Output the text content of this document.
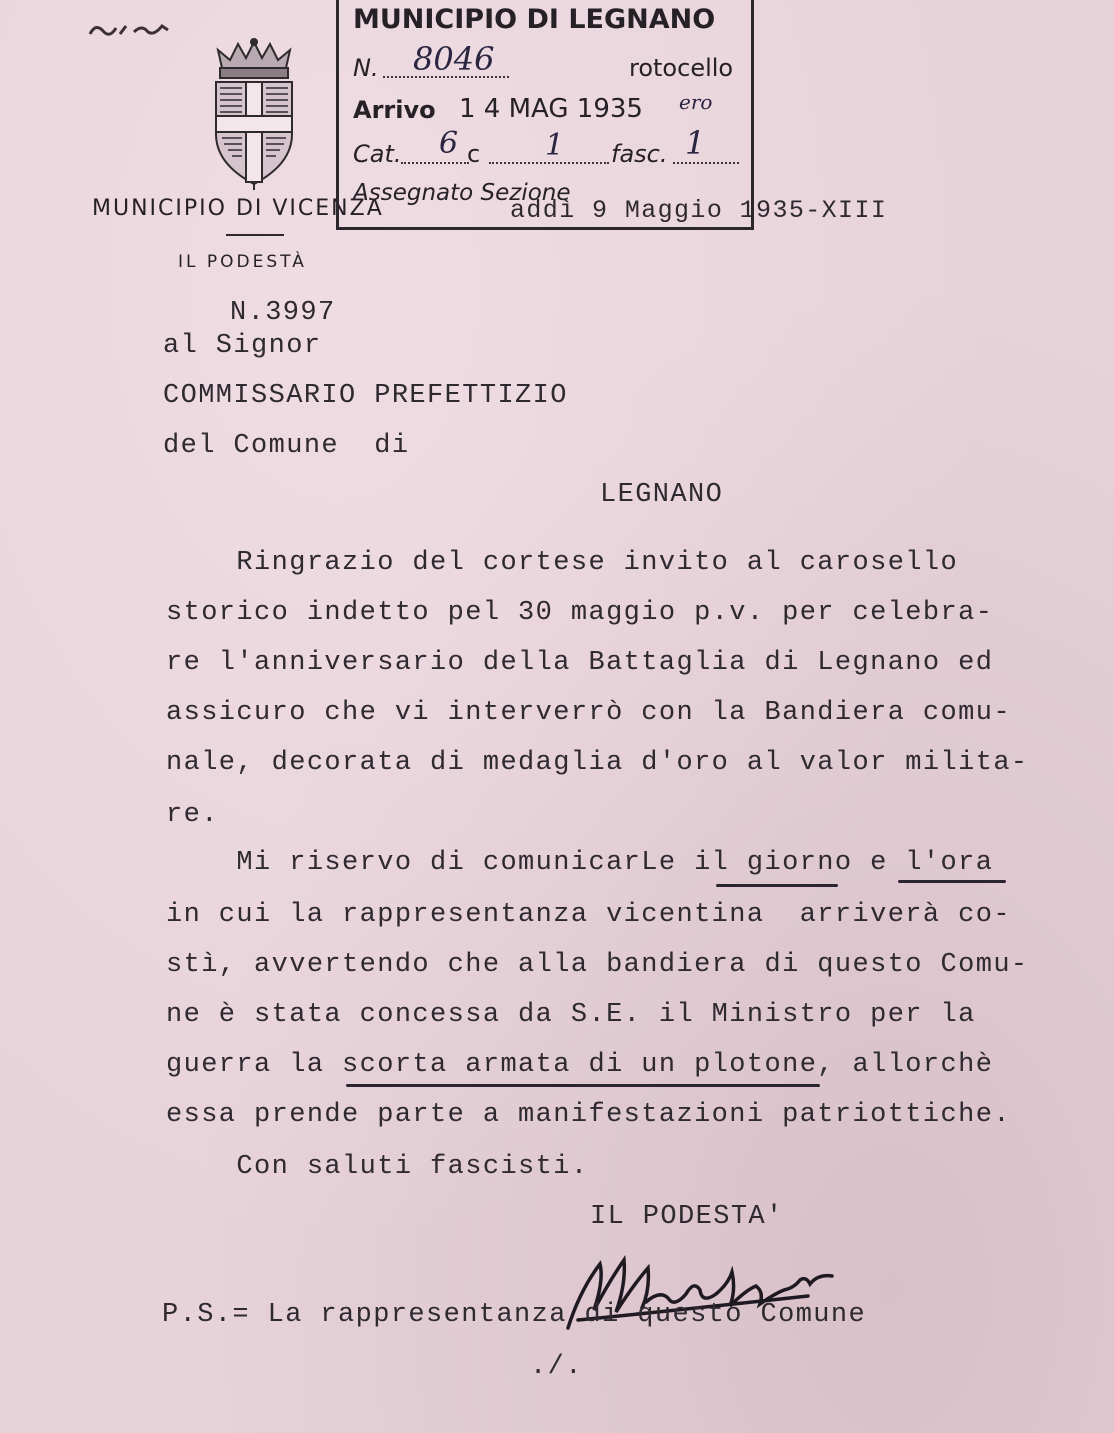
MUNICIPIO DI VICENZA
IL PODESTÀ
MUNICIPIO DI LEGNANO
N. 8046	rotocello
Arrivo 1 4 MAG 1935 ero
Cat. 6 c 1 fasc. 1
Assegnato Sezione
addì 9 Maggio 1935-XIII
N.3997
al Signor
COMMISSARIO PREFETTIZIO
del Comune  di
LEGNANO
Ringrazio del cortese invito al carosello
storico indetto pel 30 maggio p.v. per celebra-
re l'anniversario della Battaglia di Legnano ed
assicuro che vi interverrò con la Bandiera comu-
nale, decorata di medaglia d'oro al valor milita-
re.
Mi riservo di comunicarLe il giorno e l'ora
in cui la rappresentanza vicentina  arriverà co-
stì, avvertendo che alla bandiera di questo Comu-
ne è stata concessa da S.E. il Ministro per la
guerra la scorta armata di un plotone, allorchè
essa prende parte a manifestazioni patriottiche.
Con saluti fascisti.
IL PODESTA'
P.S.= La rappresentanza di questo Comune
./.
